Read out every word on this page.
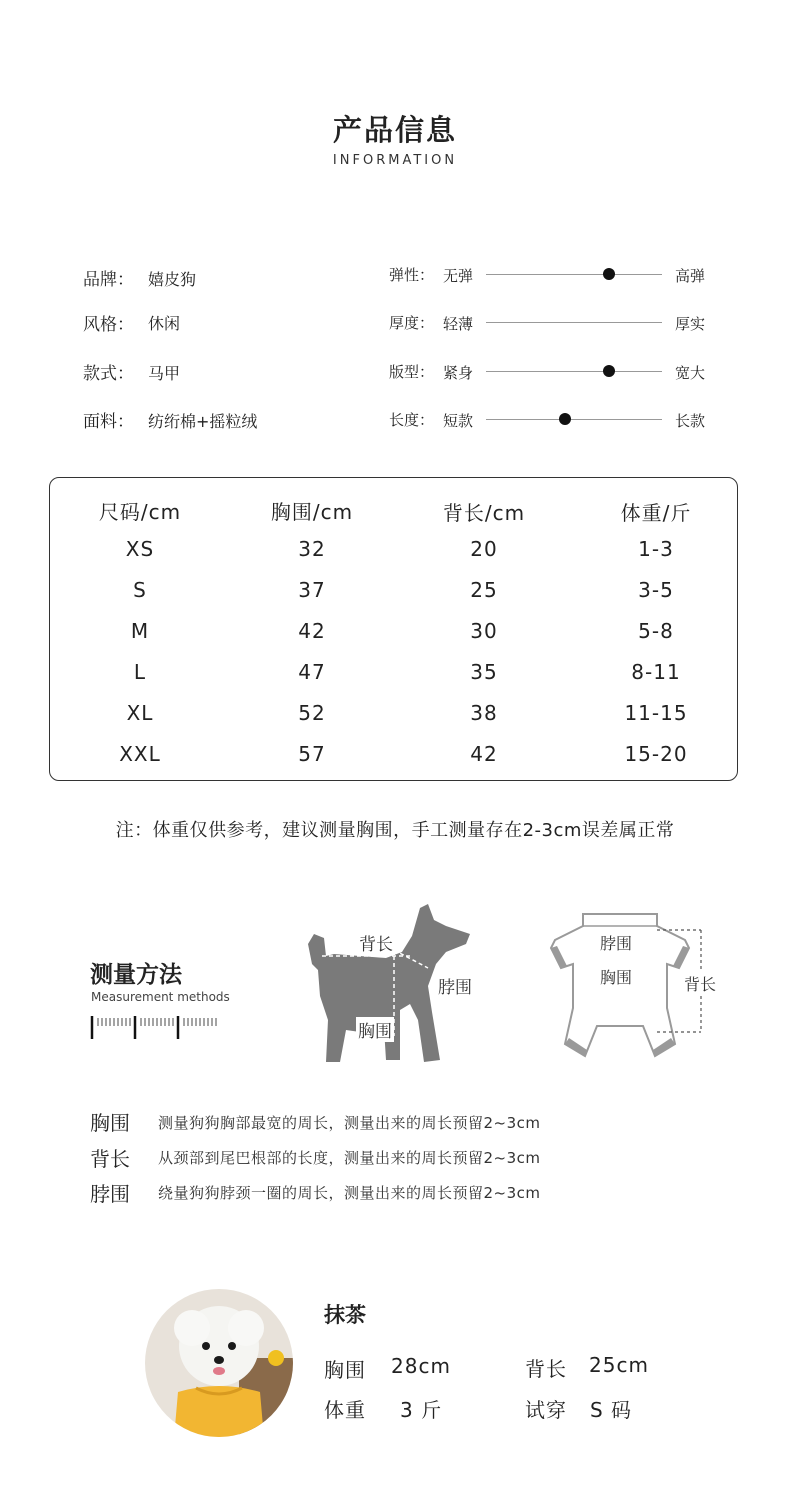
产品信息
INFORMATION
品牌： 嬉皮狗
风格： 休闲
款式： 马甲
面料： 纺绗棉+摇粒绒
弹性： 无弹	高弹
厚度： 轻薄	厚实
版型： 紧身	宽大
长度： 短款	长款
尺码/cm	胸围/cm	背长/cm	体重/斤
XS	32	20	1-3
S	37	25	3-5
M	42	30	5-8
L	47	35	8-11
XL	52	38	11-15
XXL	57	42	15-20
注：体重仅供参考，建议测量胸围，手工测量存在2-3cm误差属正常
测量方法
Measurement methods
背长
脖围
胸围
脖围
胸围	背长
胸围 测量狗狗胸部最宽的周长，测量出来的周长预留2~3cm
背长 从颈部到尾巴根部的长度，测量出来的周长预留2~3cm
脖围 绕量狗狗脖颈一圈的周长，测量出来的周长预留2~3cm
抹茶
胸围 28cm	背长 25cm
体重 3 斤	试穿 S 码
